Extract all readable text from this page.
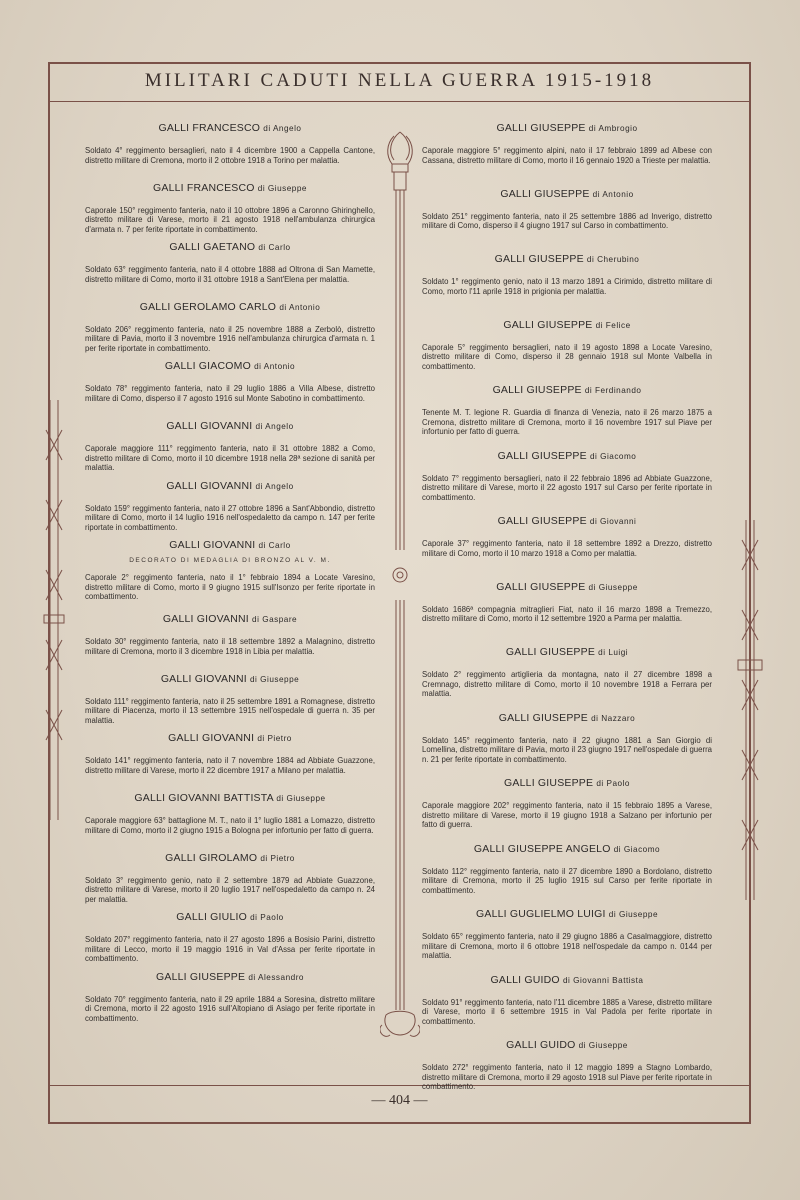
MILITARI CADUTI NELLA GUERRA 1915-1918
GALLI FRANCESCO di Angelo

Soldato 4° reggimento bersaglieri, nato il 4 dicembre 1900 a Cappella Cantone, distretto militare di Cremona, morto il 2 ottobre 1918 a Torino per malattia.

GALLI FRANCESCO di Giuseppe

Caporale 150° reggimento fanteria, nato il 10 ottobre 1896 a Caronno Ghiringhello, distretto militare di Varese, morto il 21 agosto 1918 nell'ambulanza chirurgica d'armata n. 7 per ferite riportate in combattimento.

GALLI GAETANO di Carlo

Soldato 63° reggimento fanteria, nato il 4 ottobre 1888 ad Oltrona di San Mamette, distretto militare di Como, morto il 31 ottobre 1918 a Sant'Elena per malattia.

GALLI GEROLAMO CARLO di Antonio

Soldato 206° reggimento fanteria, nato il 25 novembre 1888 a Zerbolò, distretto militare di Pavia, morto il 3 novembre 1916 nell'ambulanza chirurgica d'armata n. 1 per ferite riportate in combattimento.

GALLI GIACOMO di Antonio

Soldato 78° reggimento fanteria, nato il 29 luglio 1886 a Villa Albese, distretto militare di Como, disperso il 7 agosto 1916 sul Monte Sabotino in combattimento.

GALLI GIOVANNI di Angelo

Caporale maggiore 111° reggimento fanteria, nato il 31 ottobre 1882 a Como, distretto militare di Como, morto il 10 dicembre 1918 nella 28ª sezione di sanità per malattia.

GALLI GIOVANNI di Angelo

Soldato 159° reggimento fanteria, nato il 27 ottobre 1896 a Sant'Abbondio, distretto militare di Como, morto il 14 luglio 1916 nell'ospedaletto da campo n. 147 per ferite riportate in combattimento.

GALLI GIOVANNI di Carlo
DECORATO DI MEDAGLIA DI BRONZO AL V. M.

Caporale 2° reggimento fanteria, nato il 1° febbraio 1894 a Locate Varesino, distretto militare di Como, morto il 9 giugno 1915 sull'Isonzo per ferite riportate in combattimento.

GALLI GIOVANNI di Gaspare

Soldato 30° reggimento fanteria, nato il 18 settembre 1892 a Malagnino, distretto militare di Cremona, morto il 3 dicembre 1918 in Libia per malattia.

GALLI GIOVANNI di Giuseppe

Soldato 111° reggimento fanteria, nato il 25 settembre 1891 a Romagnese, distretto militare di Piacenza, morto il 13 settembre 1915 nell'ospedale di guerra n. 35 per malattia.

GALLI GIOVANNI di Pietro

Soldato 141° reggimento fanteria, nato il 7 novembre 1884 ad Abbiate Guazzone, distretto militare di Varese, morto il 22 dicembre 1917 a Milano per malattia.

GALLI GIOVANNI BATTISTA di Giuseppe

Caporale maggiore 63° battaglione M. T., nato il 1° luglio 1881 a Lomazzo, distretto militare di Como, morto il 2 giugno 1915 a Bologna per infortunio per fatto di guerra.

GALLI GIROLAMO di Pietro

Soldato 3° reggimento genio, nato il 2 settembre 1879 ad Abbiate Guazzone, distretto militare di Varese, morto il 20 luglio 1917 nell'ospedaletto da campo n. 24 per malattia.

GALLI GIULIO di Paolo

Soldato 207° reggimento fanteria, nato il 27 agosto 1896 a Bosisio Parini, distretto militare di Lecco, morto il 19 maggio 1916 in Val d'Assa per ferite riportate in combattimento.

GALLI GIUSEPPE di Alessandro

Soldato 70° reggimento fanteria, nato il 29 aprile 1884 a Soresina, distretto militare di Cremona, morto il 22 agosto 1916 sull'Altopiano di Asiago per ferite riportate in combattimento.

GALLI GIUSEPPE di Ambrogio

Caporale maggiore 5° reggimento alpini, nato il 17 febbraio 1899 ad Albese con Cassana, distretto militare di Como, morto il 16 gennaio 1920 a Trieste per malattia.

GALLI GIUSEPPE di Antonio

Soldato 251° reggimento fanteria, nato il 25 settembre 1886 ad Inverigo, distretto militare di Como, disperso il 4 giugno 1917 sul Carso in combattimento.

GALLI GIUSEPPE di Cherubino

Soldato 1° reggimento genio, nato il 13 marzo 1891 a Cirimido, distretto militare di Como, morto l'11 aprile 1918 in prigionia per malattia.

GALLI GIUSEPPE di Felice

Caporale 5° reggimento bersaglieri, nato il 19 agosto 1898 a Locate Varesino, distretto militare di Como, disperso il 28 gennaio 1918 sul Monte Valbella in combattimento.

GALLI GIUSEPPE di Ferdinando

Tenente M. T. legione R. Guardia di finanza di Venezia, nato il 26 marzo 1875 a Cremona, distretto militare di Cremona, morto il 16 novembre 1917 sul Piave per infortunio per fatto di guerra.

GALLI GIUSEPPE di Giacomo

Soldato 7° reggimento bersaglieri, nato il 22 febbraio 1896 ad Abbiate Guazzone, distretto militare di Varese, morto il 22 agosto 1917 sul Carso per ferite riportate in combattimento.

GALLI GIUSEPPE di Giovanni

Caporale 37° reggimento fanteria, nato il 18 settembre 1892 a Drezzo, distretto militare di Como, morto il 10 marzo 1918 a Como per malattia.

GALLI GIUSEPPE di Giuseppe

Soldato 1686ª compagnia mitraglieri Fiat, nato il 16 marzo 1898 a Tremezzo, distretto militare di Como, morto il 12 settembre 1920 a Parma per malattia.

GALLI GIUSEPPE di Luigi

Soldato 2° reggimento artiglieria da montagna, nato il 27 dicembre 1898 a Cremnago, distretto militare di Como, morto il 10 novembre 1918 a Ferrara per malattia.

GALLI GIUSEPPE di Nazzaro

Soldato 145° reggimento fanteria, nato il 22 giugno 1881 a San Giorgio di Lomellina, distretto militare di Pavia, morto il 23 giugno 1917 nell'ospedale di guerra n. 21 per ferite riportate in combattimento.

GALLI GIUSEPPE di Paolo

Caporale maggiore 202° reggimento fanteria, nato il 15 febbraio 1895 a Varese, distretto militare di Varese, morto il 19 giugno 1918 a Salzano per infortunio per fatto di guerra.

GALLI GIUSEPPE ANGELO di Giacomo

Soldato 112° reggimento fanteria, nato il 27 dicembre 1890 a Bordolano, distretto militare di Cremona, morto il 25 luglio 1915 sul Carso per ferite riportate in combattimento.

GALLI GUGLIELMO LUIGI di Giuseppe

Soldato 65° reggimento fanteria, nato il 29 giugno 1886 a Casalmaggiore, distretto militare di Cremona, morto il 6 ottobre 1918 nell'ospedale da campo n. 0144 per malattia.

GALLI GUIDO di Giovanni Battista

Soldato 91° reggimento fanteria, nato l'11 dicembre 1885 a Varese, distretto militare di Varese, morto il 6 settembre 1915 in Val Padola per ferite riportate in combattimento.

GALLI GUIDO di Giuseppe

Soldato 272° reggimento fanteria, nato il 12 maggio 1899 a Stagno Lombardo, distretto militare di Cremona, morto il 29 agosto 1918 sul Piave per ferite riportate in combattimento.

— 404 —
